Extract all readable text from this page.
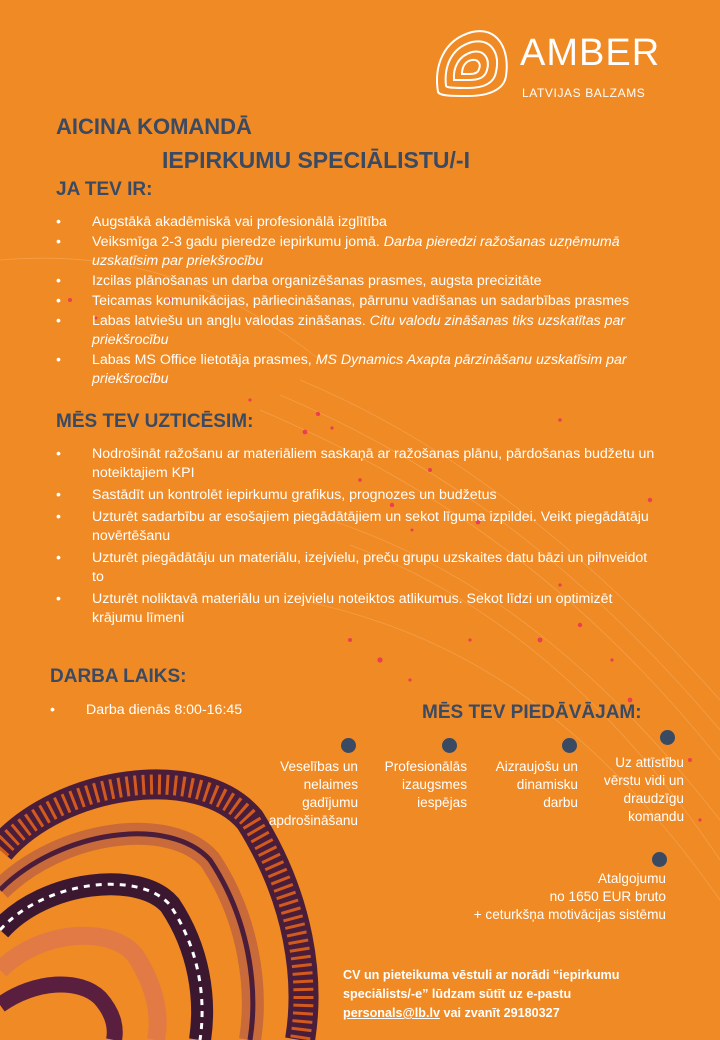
AMBER
LATVIJAS BALZAMS
AICINA KOMANDĀ
IEPIRKUMU SPECIĀLISTU/-I
JA TEV IR:
• Augstākā akadēmiskā vai profesionālā izglītība
• Veiksmīga 2-3 gadu pieredze iepirkumu jomā. Darba pieredzi ražošanas uzņēmumā uzskatīsim par priekšrocību
• Izcilas plānošanas un darba organizēšanas prasmes, augsta precizitāte
• Teicamas komunikācijas, pārliecināšanas, pārrunu vadīšanas un sadarbības prasmes
• Labas latviešu un angļu valodas zināšanas. Citu valodu zināšanas tiks uzskatītas par priekšrocību
• Labas MS Office lietotāja prasmes, MS Dynamics Axapta pārzināšanu uzskatīsim par priekšrocību
MĒS TEV UZTICĒSIM:
• Nodrošināt ražošanu ar materiāliem saskaņā ar ražošanas plānu, pārdošanas budžetu un noteiktajiem KPI
• Sastādīt un kontrolēt iepirkumu grafikus, prognozes un budžetus
• Uzturēt sadarbību ar esošajiem piegādātājiem un sekot līguma izpildei. Veikt piegādātāju novērtēšanu
• Uzturēt piegādātāju un materiālu, izejvielu, preču grupu uzskaites datu bāzi un pilnveidot to
• Uzturēt noliktavā materiālu un izejvielu noteiktos atlikumus. Sekot līdzi un optimizēt krājumu līmeni
DARBA LAIKS:
• Darba dienās 8:00-16:45	MĒS TEV PIEDĀVĀJAM:
Veselības un
nelaimes
gadījumu
apdrošināšanu
Profesionālās
izaugsmes
iespējas
Aizraujošu un
dinamisku
darbu
Uz attīstību
vērstu vidi un
draudzīgu
komandu
Atalgojumu
no 1650 EUR bruto
+ ceturkšņa motivācijas sistēmu
CV un pieteikuma vēstuli ar norādi “iepirkumu
speciālists/-e” lūdzam sūtīt uz e-pastu
personals@lb.lv vai zvanīt 29180327
